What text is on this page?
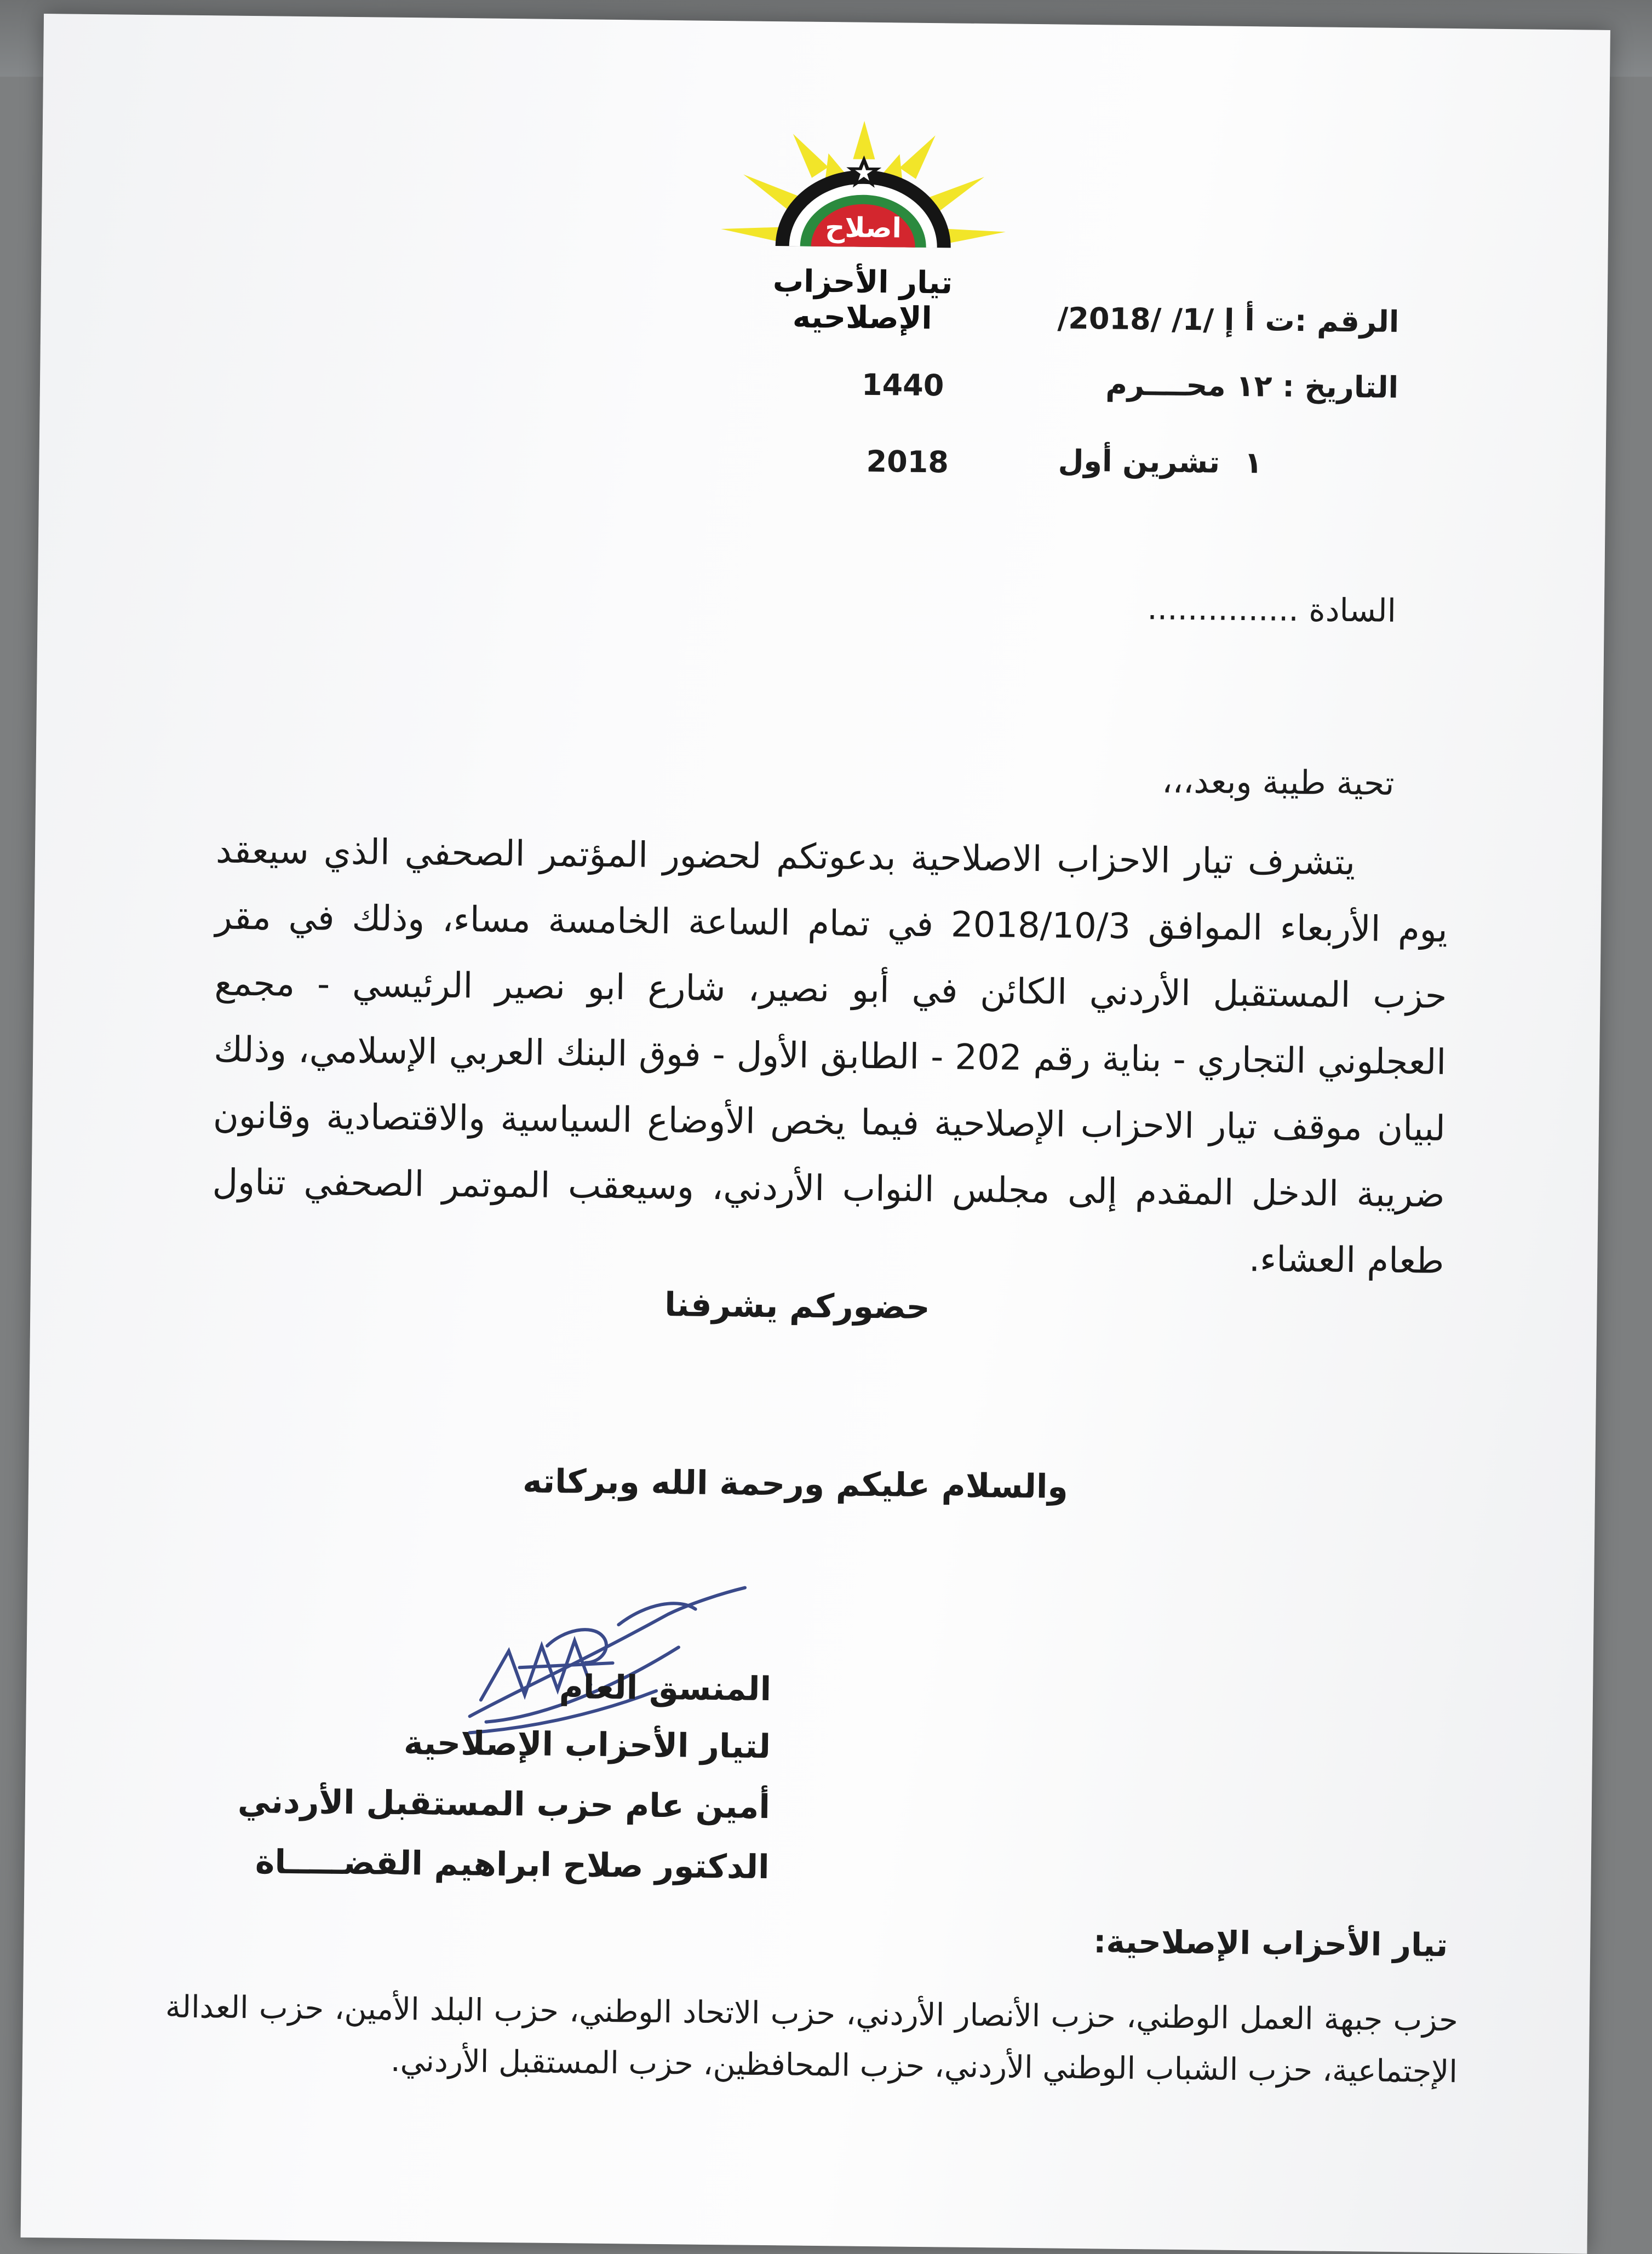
اصلاح
تيار الأحزاب الإصلاحيه	الرقم :ت أ إ /1/ /2018/
التاريخ : ١٢ محــــرم
1440
١
تشرين أول
2018
السادة ...............
تحية طيبة وبعد،،،
يتشرف تيار الاحزاب الاصلاحية بدعوتكم لحضور المؤتمر الصحفي الذي سيعقد يوم الأربعاء الموافق 2018/10/3 في تمام الساعة الخامسة مساء، وذلك في مقر حزب المستقبل الأردني الكائن في أبو نصير، شارع ابو نصير الرئيسي - مجمع العجلوني التجاري - بناية رقم 202 - الطابق الأول - فوق البنك العربي الإسلامي، وذلك لبيان موقف تيار الاحزاب الإصلاحية فيما يخص الأوضاع السياسية والاقتصادية وقانون ضريبة الدخل المقدم إلى مجلس النواب الأردني، وسيعقب الموتمر الصحفي تناول طعام العشاء.
حضوركم يشرفنا
والسلام عليكم ورحمة الله وبركاته
المنسق العام
لتيار الأحزاب الإصلاحية
أمين عام حزب المستقبل الأردني
الدكتور صلاح ابراهيم القضـــــاة
تيار الأحزاب الإصلاحية:
حزب جبهة العمل الوطني، حزب الأنصار الأردني، حزب الاتحاد الوطني، حزب البلد الأمين، حزب العدالة الإجتماعية، حزب الشباب الوطني الأردني، حزب المحافظين، حزب المستقبل الأردني.
